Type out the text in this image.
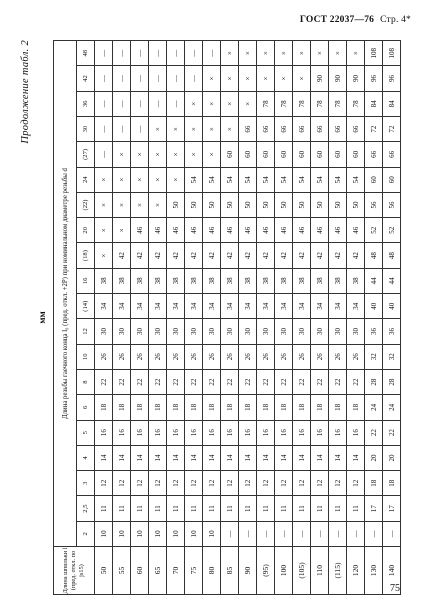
ГОСТ 22037—76 Стр. 4*
Продолжение табл. 2
мм
Длина шпильки l (пред. откл. по js15)	Длина резьбы гаечного конца l₀ (пред. откл. +2P) при номинальном диаметре резьбы d																			
	2	2,5	3	4	5	6	8	10	12	(14)	16	(18)	20	(22)	24	(27)	30	36	42	48
50	10	11	12	14	16	18	22	26	30	34	38	×	×	×	×	—	—	—	—	—
55	10	11	12	14	16	18	22	26	30	34	38	42	×	×	×	×	—	—	—	—
60	10	11	12	14	16	18	22	26	30	34	38	42	46	×	×	×	—	—	—	—
65	10	11	12	14	16	18	22	26	30	34	38	42	46	×	×	×	×	—	—	—
70	10	11	12	14	16	18	22	26	30	34	38	42	46	50	×	×	×	—	—	—
75	10	11	12	14	16	18	22	26	30	34	38	42	46	50	54	×	×	×	—	—
80	10	11	12	14	16	18	22	26	30	34	38	42	46	50	54	×	×	×	×	—
85	—	11	12	14	16	18	22	26	30	34	38	42	46	50	54	60	×	×	×	×
90	—	11	12	14	16	18	22	26	30	34	38	42	46	50	54	60	66	×	×	×
(95)	—	11	12	14	16	18	22	26	30	34	38	42	46	50	54	60	66	78	×	×
100	—	11	12	14	16	18	22	26	30	34	38	42	46	50	54	60	66	78	×	×
(105)	—	11	12	14	16	18	22	26	30	34	38	42	46	50	54	60	66	78	×	×
110	—	11	12	14	16	18	22	26	30	34	38	42	46	50	54	60	66	78	90	×
(115)	—	11	12	14	16	18	22	26	30	34	38	42	46	50	54	60	66	78	90	×
120	—	11	12	14	16	18	22	26	30	34	38	42	46	50	54	60	66	78	90	×
130	—	17	18	20	22	24	28	32	36	40	44	48	52	56	60	66	72	84	96	108
140	—	17	18	20	22	24	28	32	36	40	44	48	52	56	60	66	72	84	96	108
75
